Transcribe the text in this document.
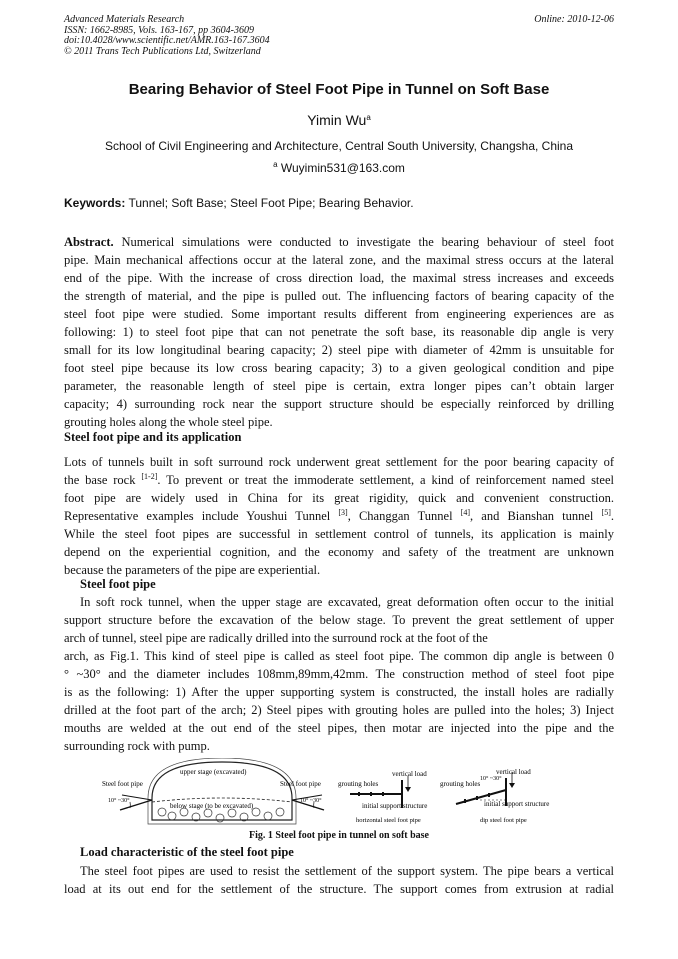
Advanced Materials Research
ISSN: 1662-8985, Vols. 163-167, pp 3604-3609
doi:10.4028/www.scientific.net/AMR.163-167.3604
© 2011 Trans Tech Publications Ltd, Switzerland
Online: 2010-12-06
Bearing Behavior of Steel Foot Pipe in Tunnel on Soft Base
Yimin Wu$^a$
School of Civil Engineering and Architecture, Central South University, Changsha, China
$^a$ Wuyimin531@163.com
Keywords: Tunnel; Soft Base; Steel Foot Pipe; Bearing Behavior.
Abstract. Numerical simulations were conducted to investigate the bearing behaviour of steel foot
pipe. Main mechanical affections occur at the lateral zone, and the maximal stress occurs at the lateral
end of the pipe. With the increase of cross direction load, the maximal stress increases and exceeds
the strength of material, and the pipe is pulled out. The influencing factors of bearing capacity of the
steel foot pipe were studied. Some important results different from engineering experiences are as
following: 1) to steel foot pipe that can not penetrate the soft base, its reasonable dip angle is very
small for its low longitudinal bearing capacity; 2) steel pipe with diameter of 42mm is unsuitable for
foot steel pipe because its low cross bearing capacity; 3) to a given geological condition and pipe
parameter, the reasonable length of steel pipe is certain, extra longer pipes can’t obtain larger
capacity; 4) surrounding rock near the support structure should be especially reinforced by drilling
grouting holes along the whole steel pipe.
Steel foot pipe and its application
Lots of tunnels built in soft surround rock underwent great settlement for the poor bearing capacity of
the base rock [1-2]. To prevent or treat the immoderate settlement, a kind of reinforcement named steel
foot pipe are widely used in China for its great rigidity, quick and convenient construction.
Representative examples include Youshui Tunnel [3], Changgan Tunnel [4], and Bianshan tunnel [5].
While the steel foot pipes are successful in settlement control of tunnels, its application is mainly
depend on the experiential cognition, and the economy and safety of the treatment are unknown
because the parameters of the pipe are experiential.
Steel foot pipe
In soft rock tunnel, when the upper stage are excavated, great deformation often occur to the initial
support structure before the excavation of the below stage. To prevent the great settlement of upper
arch of tunnel, steel pipe are radically drilled into the surround rock at the foot of the
arch, as Fig.1. This kind of steel pipe is called as steel foot pipe. The common dip angle is between 0
° ~30° and the diameter includes 108mm,89mm,42mm. The construction method of steel foot pipe
is as the following: 1) After the upper supporting system is constructed, the install holes are radially
drilled at the foot part of the arch; 2) Steel pipes with grouting holes are pulled into the holes; 3) Inject
mouths are welded at the out end of the steel pipes, then motar are injected into the pipe and the
surrounding rock with pump.
upper stage (excavated)
below stage (to be excavated)
Steel foot pipe	Steel foot pipe
10° ~30°	10° ~30°
vertical load
grouting holes
initial support structure
horizontal steel foot pipe
vertical load
grouting holes
10° ~30°
initial support structure
dip steel foot pipe
Fig. 1 Steel foot pipe in tunnel on soft base
Load characteristic of the steel foot pipe
The steel foot pipes are used to resist the settlement of the support system. The pipe bears a vertical
load at its out end for the settlement of the structure. The support comes from extrusion at radial
